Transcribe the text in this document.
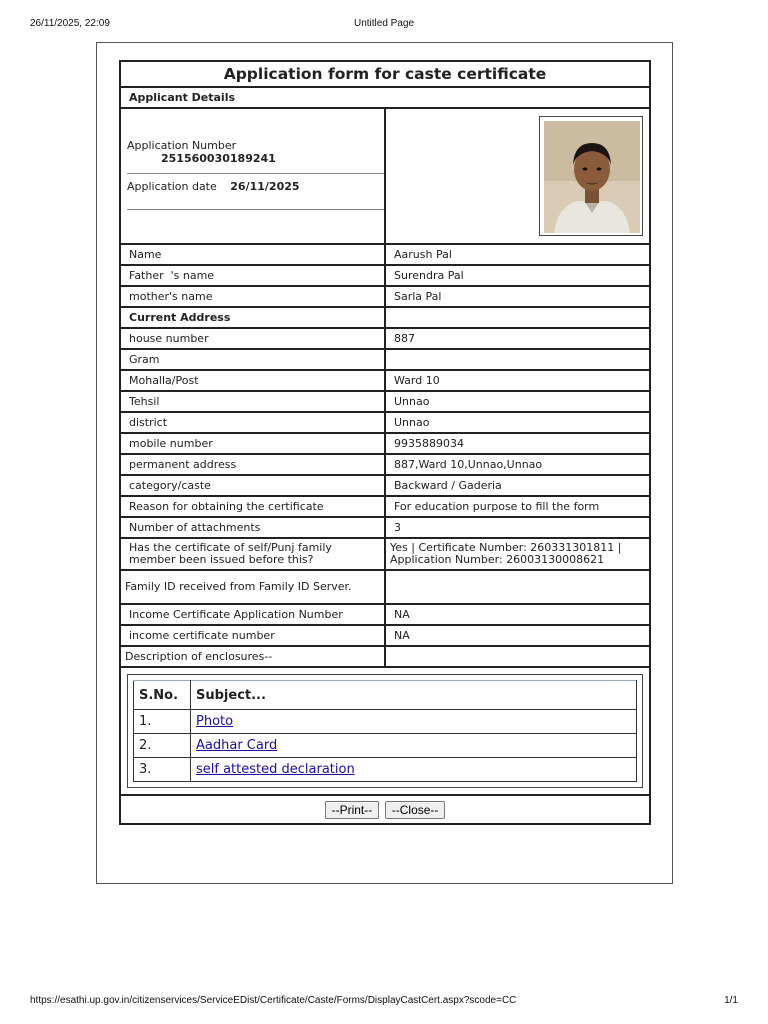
26/11/2025, 22:09	Untitled Page
Application form for caste certificate
Applicant Details

Application Number
251560030189241
Application date 26/11/2025

Name	Aarush Pal
Father  's name	Surendra Pal
mother's name	Sarla Pal
Current Address	
house number	887
Gram	
Mohalla/Post	Ward 10
Tehsil	Unnao
district	Unnao
mobile number	9935889034
permanent address	887,Ward 10,Unnao,Unnao
category/caste	Backward / Gaderia
Reason for obtaining the certificate	For education purpose to fill the form
Number of attachments	3
Has the certificate of self/Punj family member been issued before this?	Yes | Certificate Number: 260331301811 | Application Number: 26003130008621
Family ID received from Family ID Server.	
Income Certificate Application Number	NA
income certificate number	NA
Description of enclosures--	

S.No.	Subject...
1.	Photo
2.	Aadhar Card
3.	self attested declaration

--Print-- --Close--
https://esathi.up.gov.in/citizenservices/ServiceEDist/Certificate/Caste/Forms/DisplayCastCert.aspx?scode=CC	1/1
